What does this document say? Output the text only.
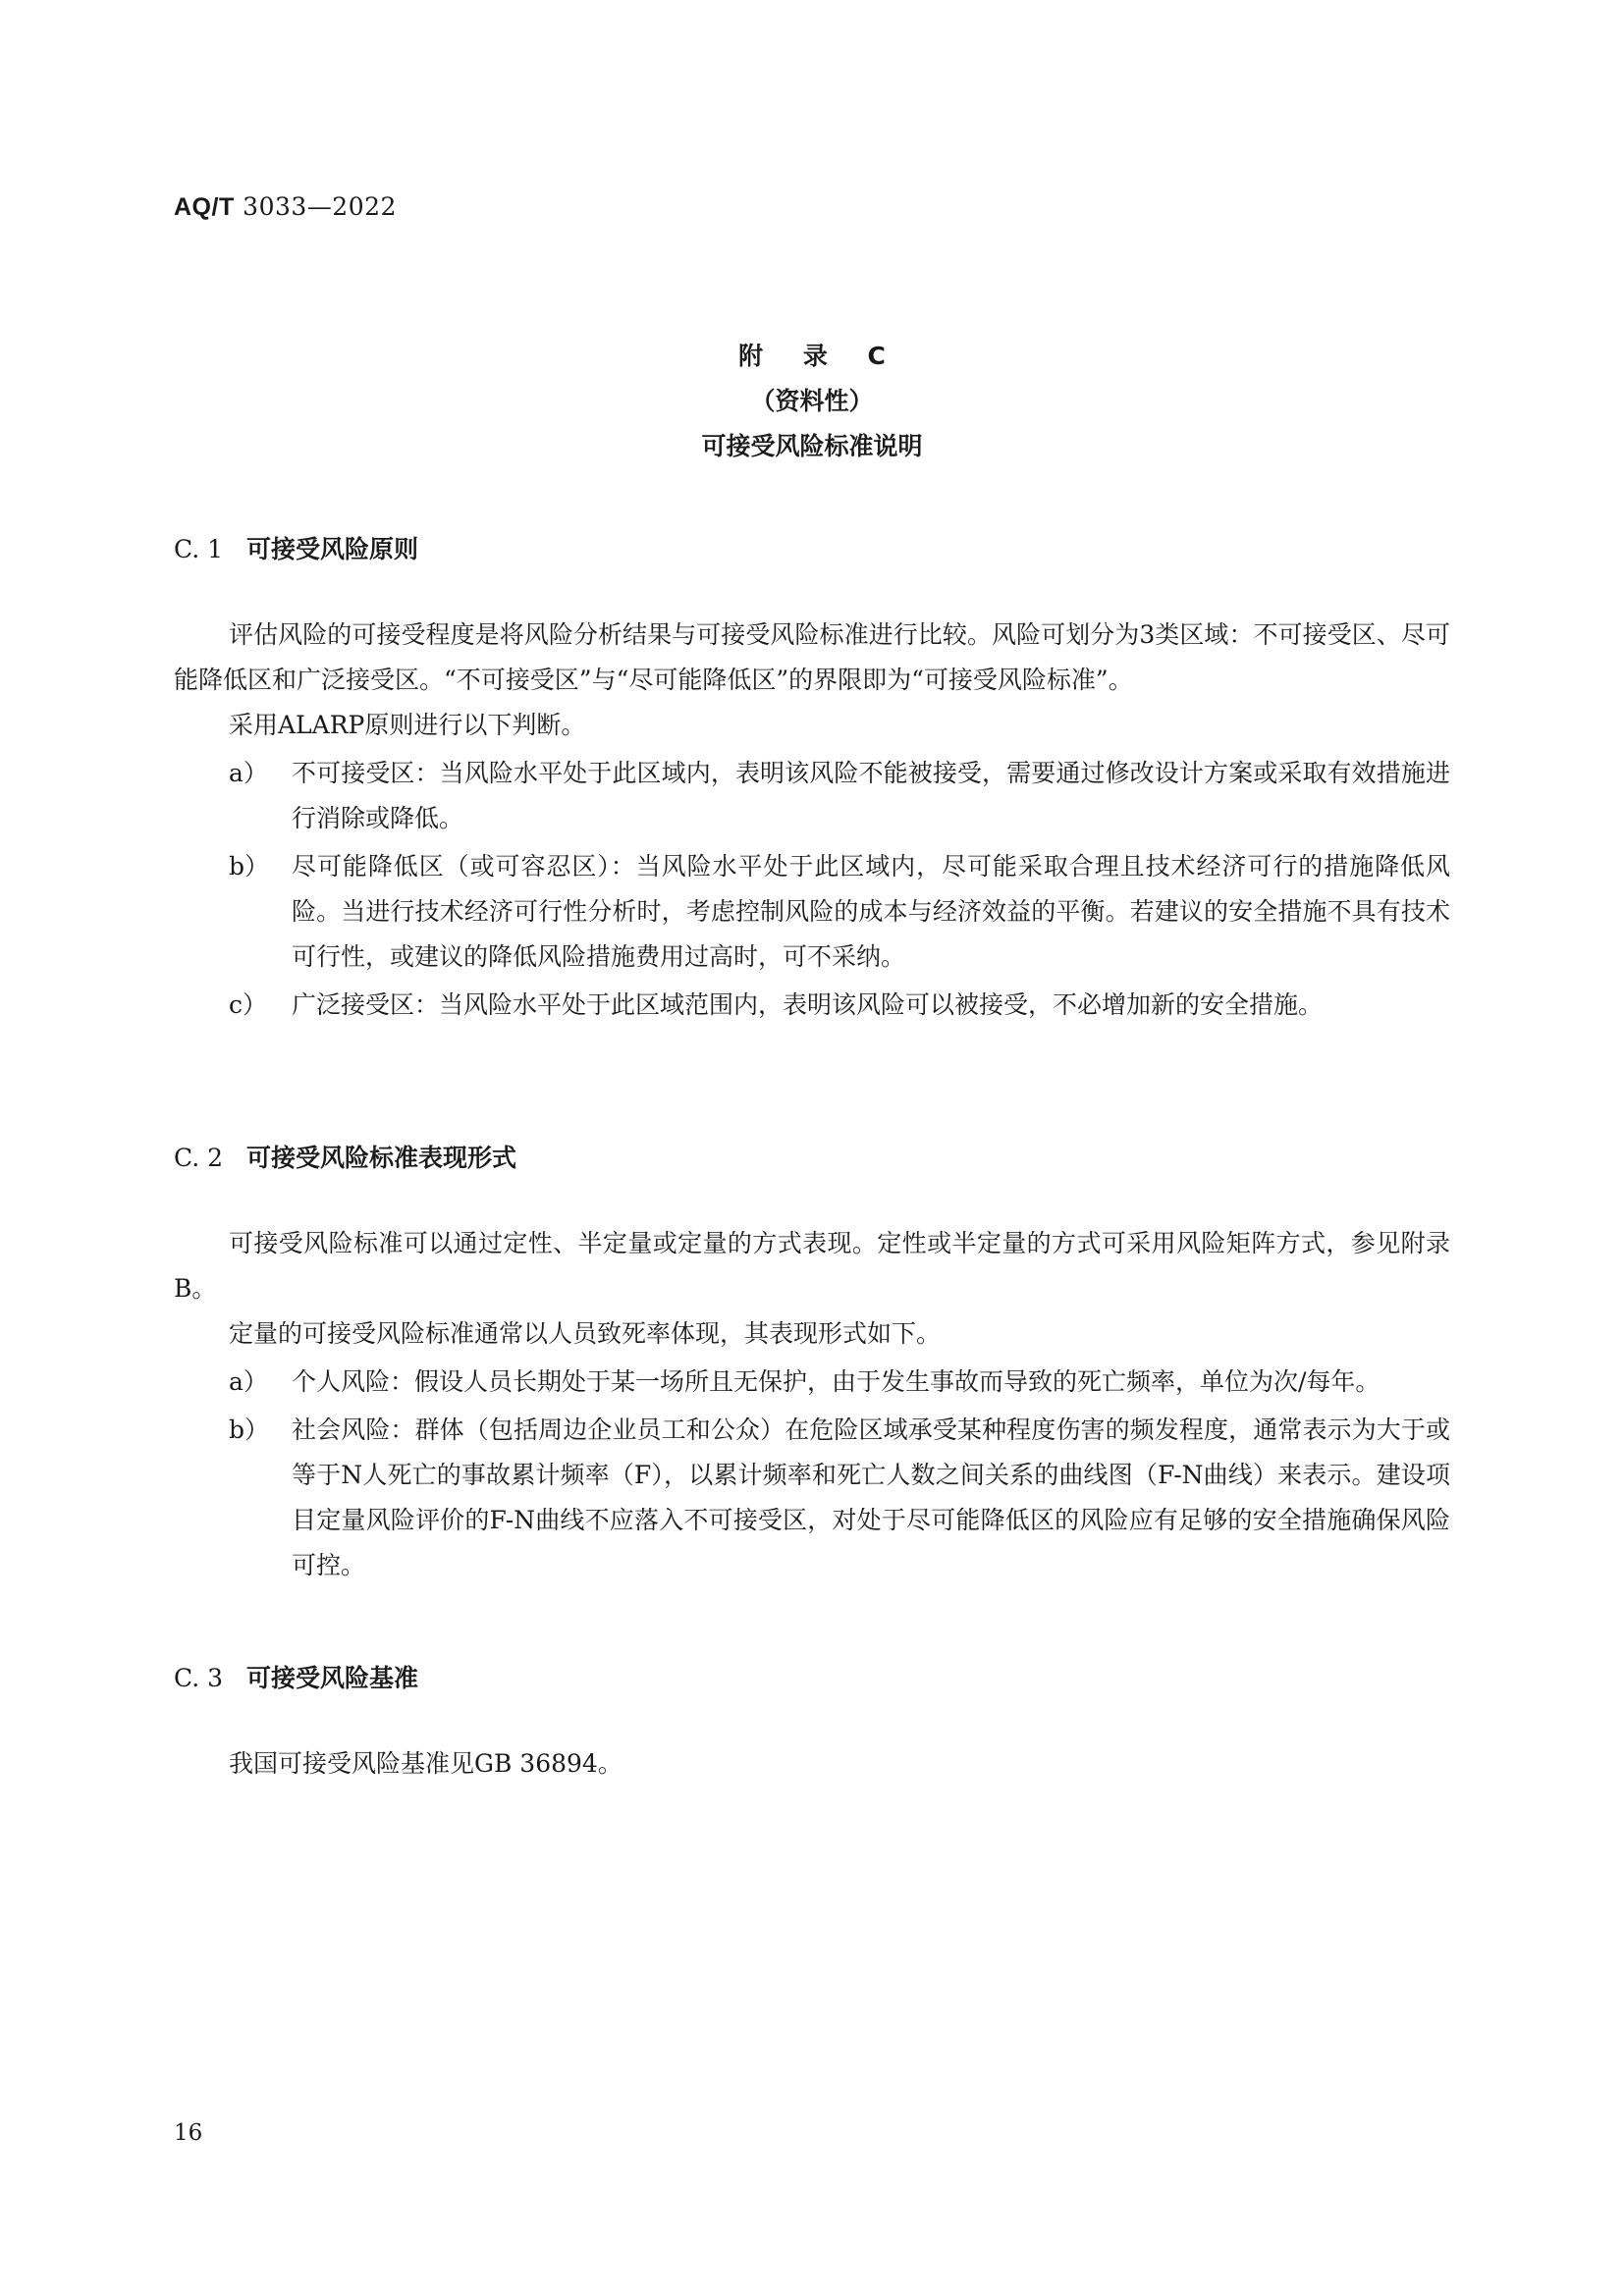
AQ/T 3033—2022
附 录 C
（资料性）
可接受风险标准说明
C. 1 可接受风险原则

评估风险的可接受程度是将风险分析结果与可接受风险标准进行比较。风险可划分为3类区域：不可接受区、尽可能降低区和广泛接受区。“不可接受区”与“尽可能降低区”的界限即为“可接受风险标准”。

采用ALARP原则进行以下判断。

a） 不可接受区：当风险水平处于此区域内，表明该风险不能被接受，需要通过修改设计方案或采取有效措施进行消除或降低。
b） 尽可能降低区（或可容忍区）：当风险水平处于此区域内，尽可能采取合理且技术经济可行的措施降低风险。当进行技术经济可行性分析时，考虑控制风险的成本与经济效益的平衡。若建议的安全措施不具有技术可行性，或建议的降低风险措施费用过高时，可不采纳。
c） 广泛接受区：当风险水平处于此区域范围内，表明该风险可以被接受，不必增加新的安全措施。
C. 2 可接受风险标准表现形式

可接受风险标准可以通过定性、半定量或定量的方式表现。定性或半定量的方式可采用风险矩阵方式，参见附录B。

定量的可接受风险标准通常以人员致死率体现，其表现形式如下。

a） 个人风险：假设人员长期处于某一场所且无保护，由于发生事故而导致的死亡频率，单位为次/每年。
b） 社会风险：群体（包括周边企业员工和公众）在危险区域承受某种程度伤害的频发程度，通常表示为大于或等于N人死亡的事故累计频率（F），以累计频率和死亡人数之间关系的曲线图（F-N曲线）来表示。建设项目定量风险评价的F-N曲线不应落入不可接受区，对处于尽可能降低区的风险应有足够的安全措施确保风险可控。
C. 3 可接受风险基准

我国可接受风险基准见GB 36894。

16
